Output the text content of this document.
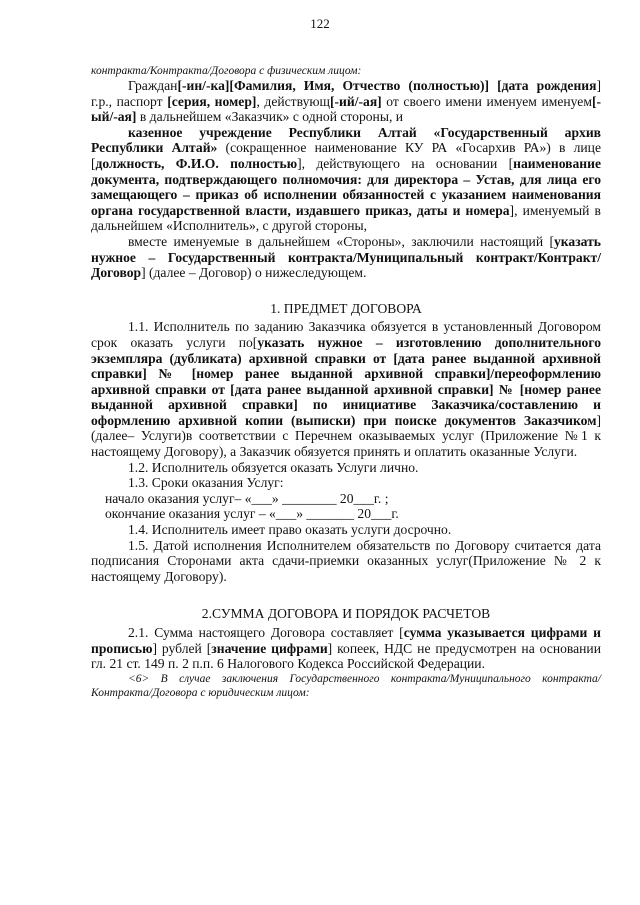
122

контракта/Контракта/Договора с физическим лицом:

Граждан[-ин/-ка][Фамилия, Имя, Отчество (полностью)] [дата рождения] г.р., паспорт [серия, номер], действующ[-ий/-ая] от своего имени именуем именуем[-ый/-ая] в дальнейшем «Заказчик» с одной стороны, и

казенное учреждение Республики Алтай «Государственный архив Республики Алтай» (сокращенное наименование КУ РА «Госархив РА») в лице [должность, Ф.И.О. полностью], действующего на основании [наименование документа, подтверждающего полномочия: для директора – Устав, для лица его замещающего – приказ об исполнении обязанностей с указанием наименования органа государственной власти, издавшего приказ, даты и номера], именуемый в дальнейшем «Исполнитель», с другой стороны,

вместе именуемые в дальнейшем «Стороны», заключили настоящий [указать нужное – Государственный контракта/Муниципальный контракт/Контракт/Договор] (далее – Договор) о нижеследующем.

1. ПРЕДМЕТ ДОГОВОРА

1.1. Исполнитель по заданию Заказчика обязуется в установленный Договором срок оказать услуги по[указать нужное – изготовлению дополнительного экземпляра (дубликата) архивной справки от [дата ранее выданной архивной справки] № [номер ранее выданной архивной справки]/переоформлению архивной справки от [дата ранее выданной архивной справки] № [номер ранее выданной архивной справки] по инициативе Заказчика/составлению и оформлению архивной копии (выписки) при поиске документов Заказчиком](далее– Услуги)в соответствии с Перечнем оказываемых услуг (Приложение №1 к настоящему Договору), а Заказчик обязуется принять и оплатить оказанные Услуги.

1.2. Исполнитель обязуется оказать Услуги лично.

1.3. Сроки оказания Услуг:

начало оказания услуг– «___» ________ 20___г. ;

окончание оказания услуг – «___» _______ 20___г.

1.4. Исполнитель имеет право оказать услуги досрочно.

1.5. Датой исполнения Исполнителем обязательств по Договору считается дата подписания Сторонами акта сдачи-приемки оказанных услуг(Приложение № 2 к настоящему Договору).

2.СУММА ДОГОВОРА И ПОРЯДОК РАСЧЕТОВ

2.1. Сумма настоящего Договора составляет [сумма указывается цифрами и прописью] рублей [значение цифрами] копеек, НДС не предусмотрен на основании гл. 21 ст. 149 п. 2 п.п. 6 Налогового Кодекса Российской Федерации.

<6> В случае заключения Государственного контракта/Муниципального контракта/Контракта/Договора с юридическим лицом:
